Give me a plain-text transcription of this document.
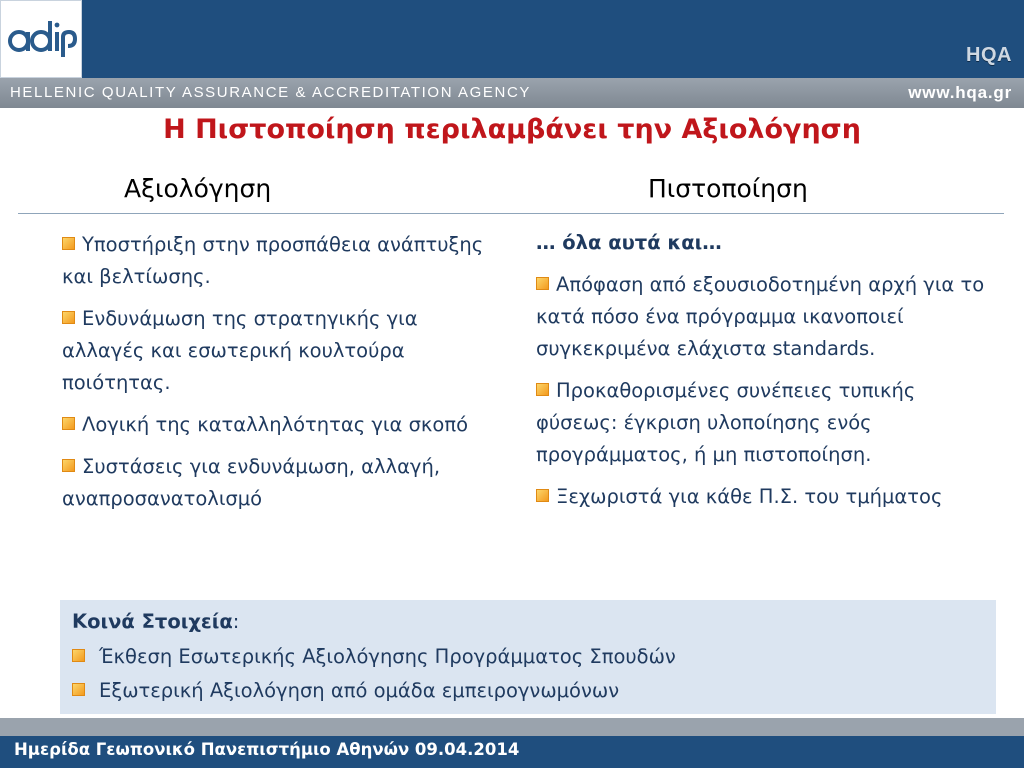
HQA
HELLENIC QUALITY ASSURANCE & ACCREDITATION AGENCY	www.hqa.gr
Η Πιστοποίηση περιλαμβάνει την Αξιολόγηση
Αξιολόγηση	Πιστοποίηση
Υποστήριξη στην προσπάθεια ανάπτυξης και βελτίωσης.
Ενδυνάμωση της στρατηγικής για αλλαγές και εσωτερική κουλτούρα ποιότητας.
Λογική της καταλληλότητας για σκοπό
Συστάσεις για ενδυνάμωση, αλλαγή, αναπροσανατολισμό
… όλα αυτά και…
Απόφαση από εξουσιοδοτημένη αρχή για το κατά πόσο ένα πρόγραμμα ικανοποιεί συγκεκριμένα ελάχιστα standards.
Προκαθορισμένες συνέπειες τυπικής φύσεως: έγκριση υλοποίησης ενός προγράμματος, ή μη πιστοποίηση.
Ξεχωριστά για κάθε Π.Σ. του τμήματος
Κοινά Στοιχεία:
Έκθεση Εσωτερικής Αξιολόγησης Προγράμματος Σπουδών
Εξωτερική Αξιολόγηση από ομάδα εμπειρογνωμόνων
Ημερίδα Γεωπονικό Πανεπιστήμιο Αθηνών 09.04.2014
